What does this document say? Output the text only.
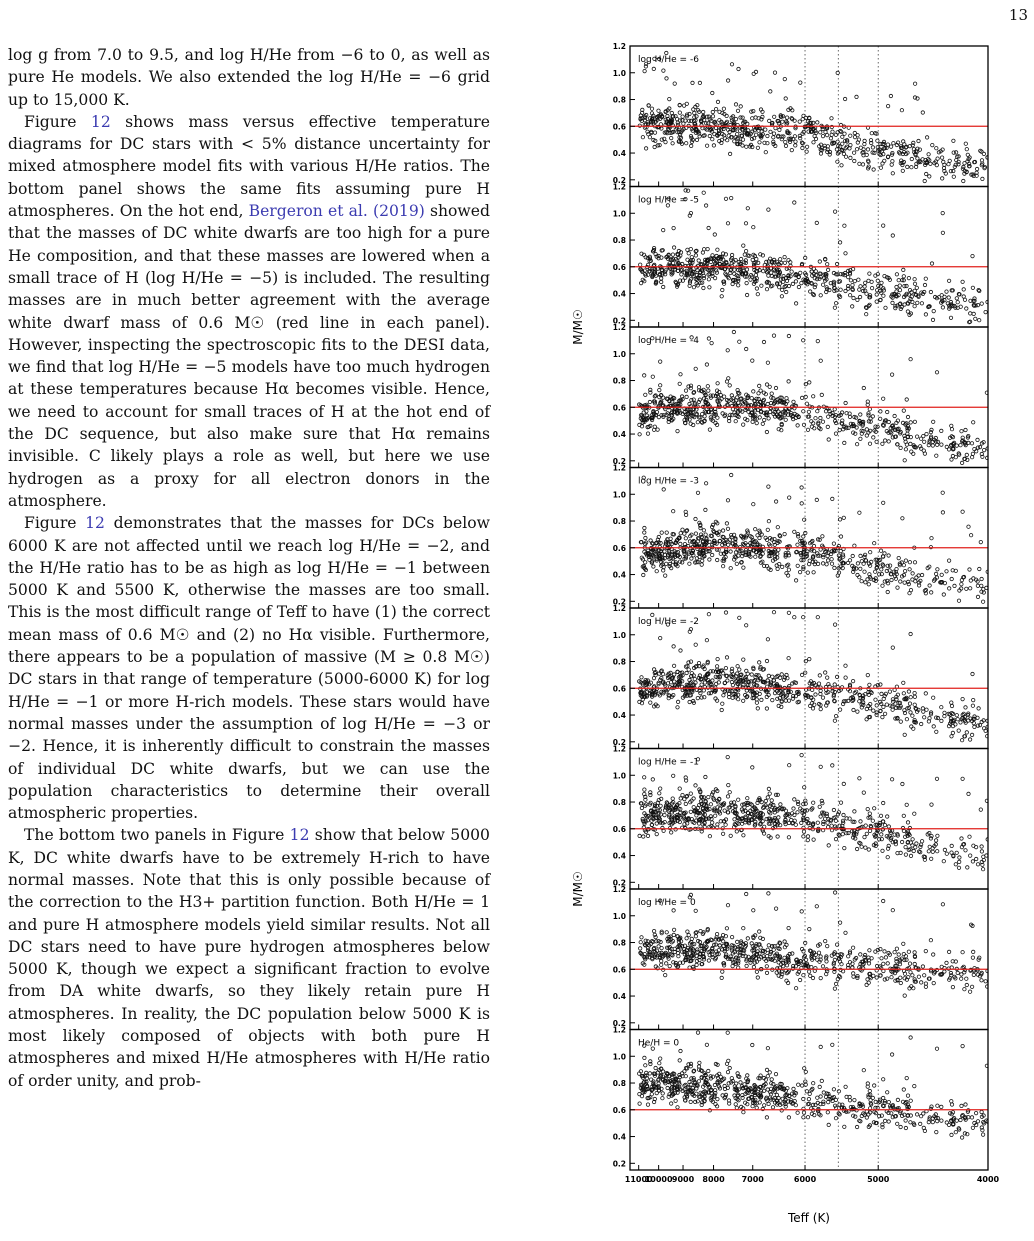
13

log g from 7.0 to 9.5, and log H/He from −6 to 0, as well as pure He models. We also extended the log H/He = −6 grid up to 15,000 K.

Figure 12 shows mass versus effective temperature diagrams for DC stars with < 5% distance uncertainty for mixed atmosphere model fits with various H/He ratios. The bottom panel shows the same fits assuming pure H atmospheres. On the hot end, Bergeron et al. (2019) showed that the masses of DC white dwarfs are too high for a pure He composition, and that these masses are lowered when a small trace of H (log H/He = −5) is included. The resulting masses are in much better agreement with the average white dwarf mass of 0.6 M☉ (red line in each panel). However, inspecting the spectroscopic fits to the DESI data, we find that log H/He = −5 models have too much hydrogen at these temperatures because Hα becomes visible. Hence, we need to account for small traces of H at the hot end of the DC sequence, but also make sure that Hα remains invisible. C likely plays a role as well, but here we use hydrogen as a proxy for all electron donors in the atmosphere.

Figure 12 demonstrates that the masses for DCs below 6000 K are not affected until we reach log H/He = −2, and the H/He ratio has to be as high as log H/He = −1 between 5000 K and 5500 K, otherwise the masses are too small. This is the most difficult range of Teff to have (1) the correct mean mass of 0.6 M☉ and (2) no Hα visible. Furthermore, there appears to be a population of massive (M ≥ 0.8 M☉) DC stars in that range of temperature (5000-6000 K) for log H/He = −1 or more H-rich models. These stars would have normal masses under the assumption of log H/He = −3 or −2. Hence, it is inherently difficult to constrain the masses of individual DC white dwarfs, but we can use the population characteristics to determine their overall atmospheric properties.

The bottom two panels in Figure 12 show that below 5000 K, DC white dwarfs have to be extremely H-rich to have normal masses. Note that this is only possible because of the correction to the H3+ partition function. Both H/He = 1 and pure H atmosphere models yield similar results. Not all DC stars need to have pure hydrogen atmospheres below 5000 K, though we expect a significant fraction to evolve from DA white dwarfs, so they likely retain pure H atmospheres. In reality, the DC population below 5000 K is most likely composed of objects with both pure H atmospheres and mixed H/He atmospheres with H/He ratio of order unity, and prob-

0.2
0.4
0.6
0.8
1.0
1.2
log H/He = -6
0.2
0.4
0.6
0.8
1.0
1.2
log H/He = -5
0.2
0.4
0.6
0.8
1.0
1.2
log H/He = -4
0.2
0.4
0.6
0.8
1.0
1.2
log H/He = -3
0.2
0.4
0.6
0.8
1.0
1.2
log H/He = -2
0.2
0.4
0.6
0.8
1.0
1.2
log H/He = -1
0.2
0.4
0.6
0.8
1.0
1.2
log H/He = 0
0.2
0.4
0.6
0.8
1.0
1.2
He/H = 0
11000
10000 9000 8000 7000	6000	5000	4000
Teff (K)
M/M☉
M/M☉
